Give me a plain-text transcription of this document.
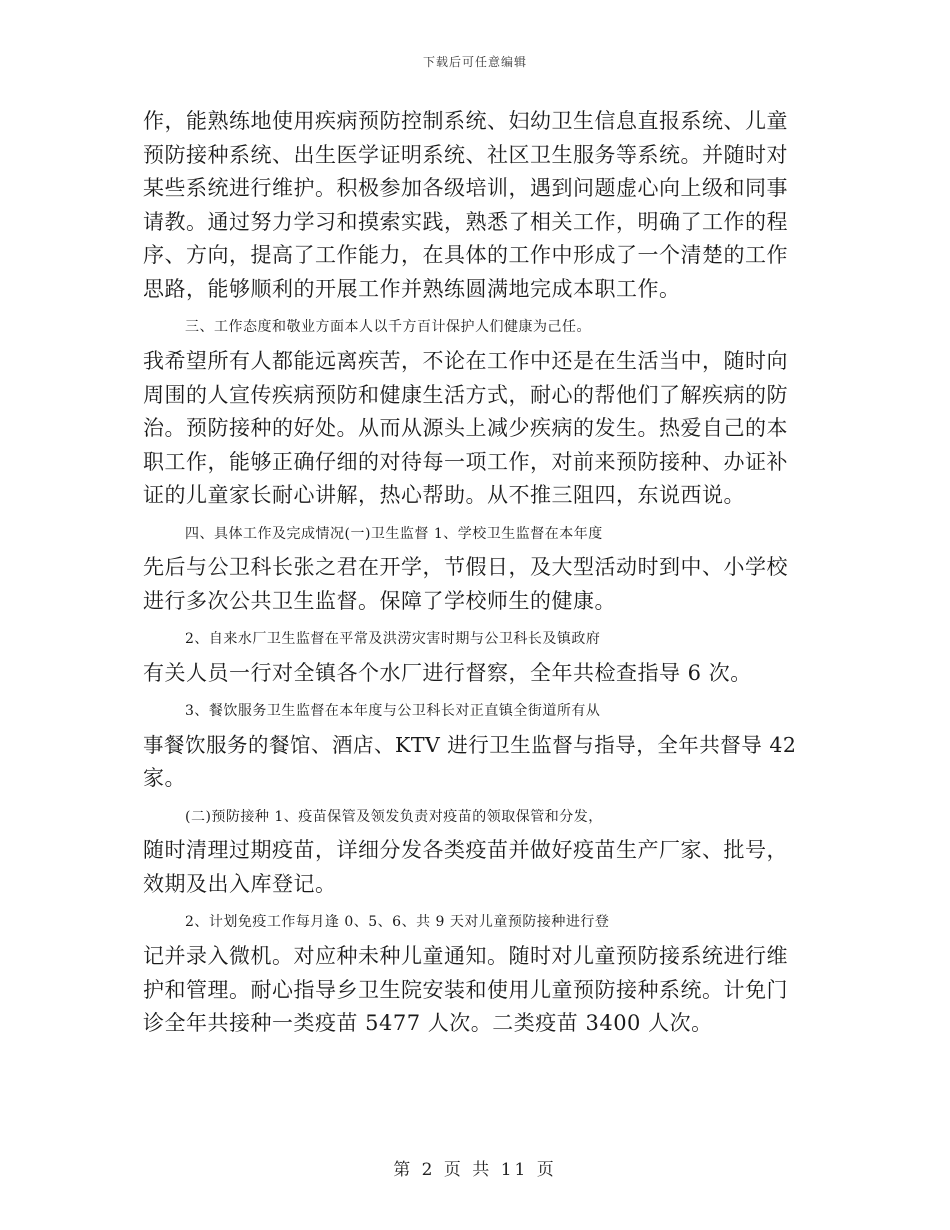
下载后可任意编辑
作，能熟练地使用疾病预防控制系统、妇幼卫生信息直报系统、儿童
预防接种系统、出生医学证明系统、社区卫生服务等系统。并随时对
某些系统进行维护。积极参加各级培训，遇到问题虚心向上级和同事
请教。通过努力学习和摸索实践，熟悉了相关工作，明确了工作的程
序、方向，提高了工作能力，在具体的工作中形成了一个清楚的工作
思路，能够顺利的开展工作并熟练圆满地完成本职工作。
三、工作态度和敬业方面本人以千方百计保护人们健康为己任。
我希望所有人都能远离疾苦，不论在工作中还是在生活当中，随时向
周围的人宣传疾病预防和健康生活方式，耐心的帮他们了解疾病的防
治。预防接种的好处。从而从源头上减少疾病的发生。热爱自己的本
职工作，能够正确仔细的对待每一项工作，对前来预防接种、办证补
证的儿童家长耐心讲解，热心帮助。从不推三阻四，东说西说。
四、具体工作及完成情况(一)卫生监督 1、学校卫生监督在本年度
先后与公卫科长张之君在开学，节假日，及大型活动时到中、小学校
进行多次公共卫生监督。保障了学校师生的健康。
2、自来水厂卫生监督在平常及洪涝灾害时期与公卫科长及镇政府
有关人员一行对全镇各个水厂进行督察，全年共检查指导 6 次。
3、餐饮服务卫生监督在本年度与公卫科长对正直镇全街道所有从
事餐饮服务的餐馆、酒店、KTV 进行卫生监督与指导，全年共督导 42
家。
(二)预防接种 1、疫苗保管及领发负责对疫苗的领取保管和分发，
随时清理过期疫苗，详细分发各类疫苗并做好疫苗生产厂家、批号，
效期及出入库登记。
2、计划免疫工作每月逢 0、5、6、共 9 天对儿童预防接种进行登
记并录入微机。对应种未种儿童通知。随时对儿童预防接系统进行维
护和管理。耐心指导乡卫生院安装和使用儿童预防接种系统。计免门
诊全年共接种一类疫苗 5477 人次。二类疫苗 3400 人次。
第 2 页 共 11 页
